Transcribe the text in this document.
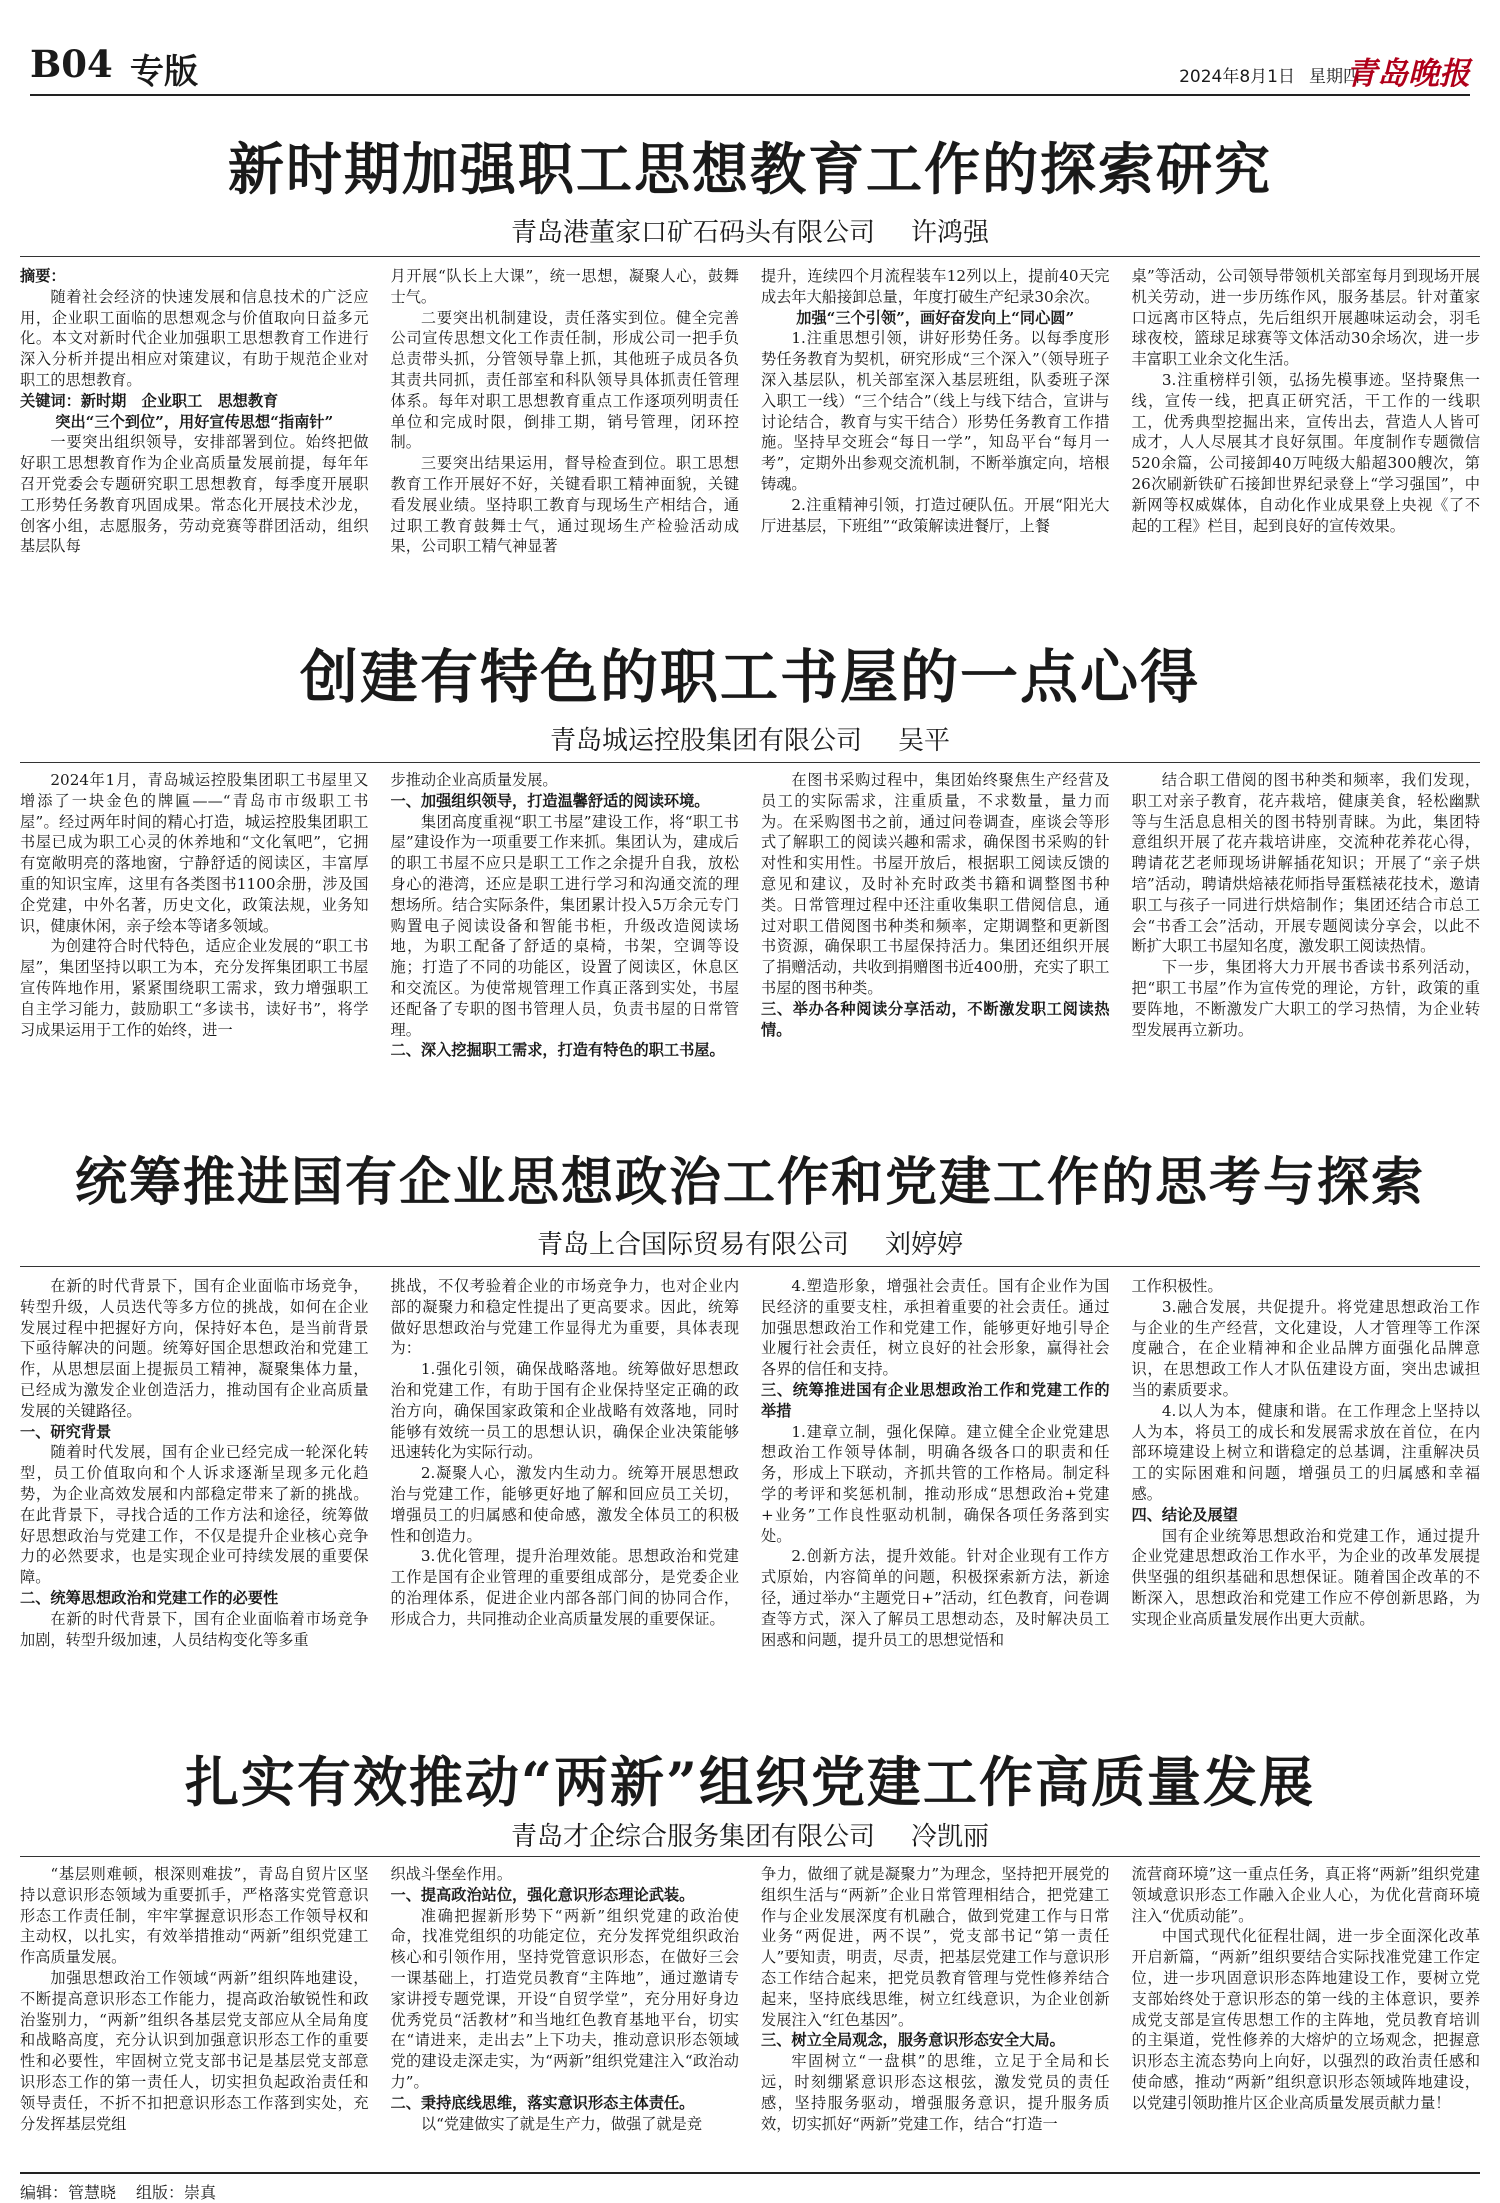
B04 专版	2024年8月1日 星期四
青岛晚报
新时期加强职工思想教育工作的探索研究
青岛港董家口矿石码头有限公司 许鸿强

摘要：

随着社会经济的快速发展和信息技术的广泛应用，企业职工面临的思想观念与价值取向日益多元化。本文对新时代企业加强职工思想教育工作进行深入分析并提出相应对策建议，有助于规范企业对职工的思想教育。

关键词：新时期　企业职工　思想教育

突出“三个到位”，用好宣传思想“指南针”

一要突出组织领导，安排部署到位。始终把做好职工思想教育作为企业高质量发展前提，每年年召开党委会专题研究职工思想教育，每季度开展职工形势任务教育巩固成果。常态化开展技术沙龙，创客小组，志愿服务，劳动竞赛等群团活动，组织基层队每

月开展“队长上大课”，统一思想，凝聚人心，鼓舞士气。

二要突出机制建设，责任落实到位。健全完善公司宣传思想文化工作责任制，形成公司一把手负总责带头抓，分管领导靠上抓，其他班子成员各负其责共同抓，责任部室和科队领导具体抓责任管理体系。每年对职工思想教育重点工作逐项列明责任单位和完成时限，倒排工期，销号管理，闭环控制。

三要突出结果运用，督导检查到位。职工思想教育工作开展好不好，关键看职工精神面貌，关键看发展业绩。坚持职工教育与现场生产相结合，通过职工教育鼓舞士气，通过现场生产检验活动成果，公司职工精气神显著

提升，连续四个月流程装车12列以上，提前40天完成去年大船接卸总量，年度打破生产纪录30余次。

加强“三个引领”，画好奋发向上“同心圆”

1.注重思想引领，讲好形势任务。以每季度形势任务教育为契机，研究形成“三个深入”（领导班子深入基层队，机关部室深入基层班组，队委班子深入职工一线）“三个结合”（线上与线下结合，宣讲与讨论结合，教育与实干结合）形势任务教育工作措施。坚持早交班会“每日一学”，知岛平台“每月一考”，定期外出参观交流机制，不断举旗定向，培根铸魂。

2.注重精神引领，打造过硬队伍。开展“阳光大厅进基层，下班组”“政策解读进餐厅，上餐

桌”等活动，公司领导带领机关部室每月到现场开展机关劳动，进一步历练作风，服务基层。针对董家口远离市区特点，先后组织开展趣味运动会，羽毛球夜校，篮球足球赛等文体活动30余场次，进一步丰富职工业余文化生活。

3.注重榜样引领，弘扬先模事迹。坚持聚焦一线，宣传一线，把真正研究活，干工作的一线职工，优秀典型挖掘出来，宣传出去，营造人人皆可成才，人人尽展其才良好氛围。年度制作专题微信520余篇，公司接卸40万吨级大船超300艘次，第26次刷新铁矿石接卸世界纪录登上“学习强国”，中新网等权威媒体，自动化作业成果登上央视《了不起的工程》栏目，起到良好的宣传效果。

创建有特色的职工书屋的一点心得
青岛城运控股集团有限公司 吴平

2024年1月，青岛城运控股集团职工书屋里又增添了一块金色的牌匾——“青岛市市级职工书屋”。经过两年时间的精心打造，城运控股集团职工书屋已成为职工心灵的休养地和“文化氧吧”，它拥有宽敞明亮的落地窗，宁静舒适的阅读区，丰富厚重的知识宝库，这里有各类图书1100余册，涉及国企党建，中外名著，历史文化，政策法规，业务知识，健康休闲，亲子绘本等诸多领域。

为创建符合时代特色，适应企业发展的“职工书屋”，集团坚持以职工为本，充分发挥集团职工书屋宣传阵地作用，紧紧围绕职工需求，致力增强职工自主学习能力，鼓励职工“多读书，读好书”，将学习成果运用于工作的始终，进一

步推动企业高质量发展。

一、加强组织领导，打造温馨舒适的阅读环境。

集团高度重视“职工书屋”建设工作，将“职工书屋”建设作为一项重要工作来抓。集团认为，建成后的职工书屋不应只是职工工作之余提升自我，放松身心的港湾，还应是职工进行学习和沟通交流的理想场所。结合实际条件，集团累计投入5万余元专门购置电子阅读设备和智能书柜，升级改造阅读场地，为职工配备了舒适的桌椅，书架，空调等设施；打造了不同的功能区，设置了阅读区，休息区和交流区。为使常规管理工作真正落到实处，书屋还配备了专职的图书管理人员，负责书屋的日常管理。

二、深入挖掘职工需求，打造有特色的职工书屋。

在图书采购过程中，集团始终聚焦生产经营及员工的实际需求，注重质量，不求数量，量力而为。在采购图书之前，通过问卷调查，座谈会等形式了解职工的阅读兴趣和需求，确保图书采购的针对性和实用性。书屋开放后，根据职工阅读反馈的意见和建议，及时补充时政类书籍和调整图书种类。日常管理过程中还注重收集职工借阅信息，通过对职工借阅图书种类和频率，定期调整和更新图书资源，确保职工书屋保持活力。集团还组织开展了捐赠活动，共收到捐赠图书近400册，充实了职工书屋的图书种类。

三、举办各种阅读分享活动，不断激发职工阅读热情。

结合职工借阅的图书种类和频率，我们发现，职工对亲子教育，花卉栽培，健康美食，轻松幽默等与生活息息相关的图书特别青睐。为此，集团特意组织开展了花卉栽培讲座，交流种花养花心得，聘请花艺老师现场讲解插花知识；开展了“亲子烘培”活动，聘请烘焙裱花师指导蛋糕裱花技术，邀请职工与孩子一同进行烘焙制作；集团还结合市总工会“书香工会”活动，开展专题阅读分享会，以此不断扩大职工书屋知名度，激发职工阅读热情。

下一步，集团将大力开展书香读书系列活动，把“职工书屋”作为宣传党的理论，方针，政策的重要阵地，不断激发广大职工的学习热情，为企业转型发展再立新功。

统筹推进国有企业思想政治工作和党建工作的思考与探索
青岛上合国际贸易有限公司 刘婷婷

在新的时代背景下，国有企业面临市场竞争，转型升级，人员迭代等多方位的挑战，如何在企业发展过程中把握好方向，保持好本色，是当前背景下亟待解决的问题。统筹好国企思想政治和党建工作，从思想层面上提振员工精神，凝聚集体力量，已经成为激发企业创造活力，推动国有企业高质量发展的关键路径。

一、研究背景

随着时代发展，国有企业已经完成一轮深化转型，员工价值取向和个人诉求逐渐呈现多元化趋势，为企业高效发展和内部稳定带来了新的挑战。在此背景下，寻找合适的工作方法和途径，统筹做好思想政治与党建工作，不仅是提升企业核心竞争力的必然要求，也是实现企业可持续发展的重要保障。

二、统筹思想政治和党建工作的必要性

在新的时代背景下，国有企业面临着市场竞争加剧，转型升级加速，人员结构变化等多重

挑战，不仅考验着企业的市场竞争力，也对企业内部的凝聚力和稳定性提出了更高要求。因此，统筹做好思想政治与党建工作显得尤为重要，具体表现为：

1.强化引领，确保战略落地。统筹做好思想政治和党建工作，有助于国有企业保持坚定正确的政治方向，确保国家政策和企业战略有效落地，同时能够有效统一员工的思想认识，确保企业决策能够迅速转化为实际行动。

2.凝聚人心，激发内生动力。统筹开展思想政治与党建工作，能够更好地了解和回应员工关切，增强员工的归属感和使命感，激发全体员工的积极性和创造力。

3.优化管理，提升治理效能。思想政治和党建工作是国有企业管理的重要组成部分，是党委企业的治理体系，促进企业内部各部门间的协同合作，形成合力，共同推动企业高质量发展的重要保证。

4.塑造形象，增强社会责任。国有企业作为国民经济的重要支柱，承担着重要的社会责任。通过加强思想政治工作和党建工作，能够更好地引导企业履行社会责任，树立良好的社会形象，赢得社会各界的信任和支持。

三、统筹推进国有企业思想政治工作和党建工作的举措

1.建章立制，强化保障。建立健全企业党建思想政治工作领导体制，明确各级各口的职责和任务，形成上下联动，齐抓共管的工作格局。制定科学的考评和奖惩机制，推动形成“思想政治+党建+业务”工作良性驱动机制，确保各项任务落到实处。

2.创新方法，提升效能。针对企业现有工作方式原始，内容简单的问题，积极探索新方法，新途径，通过举办“主题党日+”活动，红色教育，问卷调查等方式，深入了解员工思想动态，及时解决员工困惑和问题，提升员工的思想觉悟和

工作积极性。

3.融合发展，共促提升。将党建思想政治工作与企业的生产经营，文化建设，人才管理等工作深度融合，在企业精神和企业品牌方面强化品牌意识，在思想政工作人才队伍建设方面，突出忠诚担当的素质要求。

4.以人为本，健康和谐。在工作理念上坚持以人为本，将员工的成长和发展需求放在首位，在内部环境建设上树立和谐稳定的总基调，注重解决员工的实际困难和问题，增强员工的归属感和幸福感。

四、结论及展望

国有企业统筹思想政治和党建工作，通过提升企业党建思想政治工作水平，为企业的改革发展提供坚强的组织基础和思想保证。随着国企改革的不断深入，思想政治和党建工作应不停创新思路，为实现企业高质量发展作出更大贡献。

扎实有效推动“两新”组织党建工作高质量发展
青岛才企综合服务集团有限公司 冷凯丽

“基层则难顿，根深则难拔”，青岛自贸片区坚持以意识形态领域为重要抓手，严格落实党管意识形态工作责任制，牢牢掌握意识形态工作领导权和主动权，以扎实，有效举措推动“两新”组织党建工作高质量发展。

加强思想政治工作领域“两新”组织阵地建设，不断提高意识形态工作能力，提高政治敏锐性和政治鉴别力，“两新”组织各基层党支部应从全局角度和战略高度，充分认识到加强意识形态工作的重要性和必要性，牢固树立党支部书记是基层党支部意识形态工作的第一责任人，切实担负起政治责任和领导责任，不折不扣把意识形态工作落到实处，充分发挥基层党组

织战斗堡垒作用。

一、提高政治站位，强化意识形态理论武装。

准确把握新形势下“两新”组织党建的政治使命，找准党组织的功能定位，充分发挥党组织政治核心和引领作用，坚持党管意识形态，在做好三会一课基础上，打造党员教育“主阵地”，通过邀请专家讲授专题党课，开设“自贸学堂”，充分用好身边优秀党员“活教材”和当地红色教育基地平台，切实在“请进来，走出去”上下功夫，推动意识形态领域党的建设走深走实，为“两新”组织党建注入“政治动力”。

二、秉持底线思维，落实意识形态主体责任。

以“党建做实了就是生产力，做强了就是竞

争力，做细了就是凝聚力”为理念，坚持把开展党的组织生活与“两新”企业日常管理相结合，把党建工作与企业发展深度有机融合，做到党建工作与日常业务“两促进，两不误”，党支部书记“第一责任人”要知责，明责，尽责，把基层党建工作与意识形态工作结合起来，把党员教育管理与党性修养结合起来，坚持底线思维，树立红线意识，为企业创新发展注入“红色基因”。

三、树立全局观念，服务意识形态安全大局。

牢固树立“一盘棋”的思维，立足于全局和长远，时刻绷紧意识形态这根弦，激发党员的责任感，坚持服务驱动，增强服务意识，提升服务质效，切实抓好“两新”党建工作，结合“打造一

流营商环境”这一重点任务，真正将“两新”组织党建领域意识形态工作融入企业人心，为优化营商环境注入“优质动能”。

中国式现代化征程壮阔，进一步全面深化改革开启新篇，“两新”组织要结合实际找准党建工作定位，进一步巩固意识形态阵地建设工作，要树立党支部始终处于意识形态的第一线的主体意识，要养成党支部是宣传思想工作的主阵地，党员教育培训的主渠道，党性修养的大熔炉的立场观念，把握意识形态主流态势向上向好，以强烈的政治责任感和使命感，推动“两新”组织意识形态领域阵地建设，以党建引领助推片区企业高质量发展贡献力量！

编辑：管慧晓 组版：崇真
